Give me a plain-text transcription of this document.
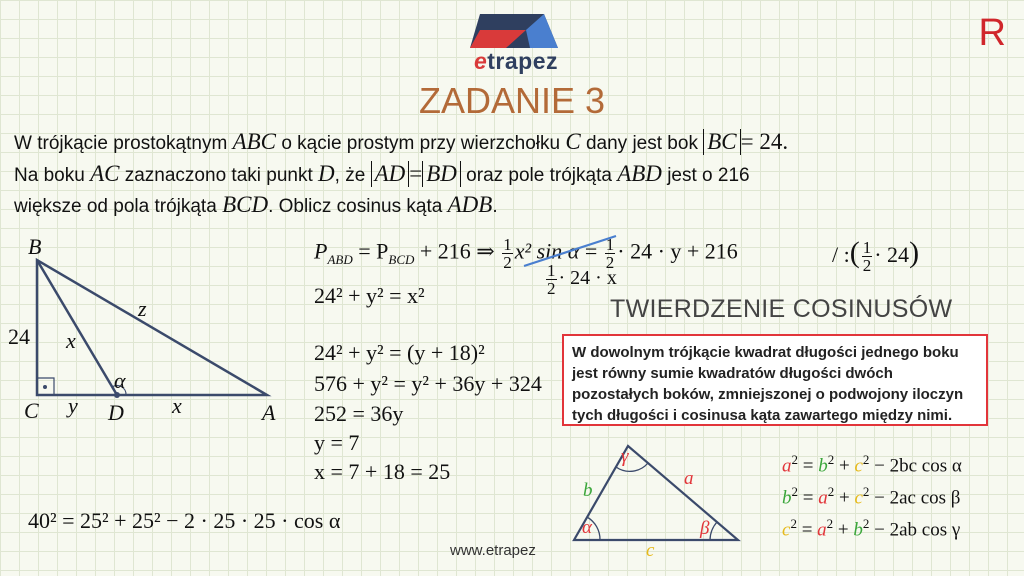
etrapez
R
ZADANIE 3
W trójkącie prostokątnym ABC o kącie prostym przy wierzchołku C dany jest bok BC = 24.
Na boku AC zaznaczono taki punkt D, że AD = BD oraz pole trójkąta ABD jest o 216
większe od pola trójkąta BCD. Oblicz cosinus kąta ADB.
B
C	D	A
24 x
y	x
z
α
$P_{ABD} = P_{BCD} + 216$ ⇒ $\frac{1}{2} x^2$ $\sin \alpha = \frac{1}{2} \cdot 24 \cdot y + 216$
$\frac{1}{2} \cdot 24 \cdot x$
/ :( $\frac{1}{2} \cdot 24$)
24² + y² = x²
24² + y² = (y + 18)²
576 + y² = y² + 36y + 324
252 = 36y
y = 7
x = 7 + 18 = 25
40² = 25² + 25² − 2 · 25 · 25 · cos α
TWIERDZENIE COSINUSÓW
W dowolnym trójkącie kwadrat długości jednego boku jest równy sumie kwadratów długości dwóch pozostałych boków, zmniejszonej o podwojony iloczyn tych długości i cosinusa kąta zawartego między nimi.
a
b
c
α	β
γ	$a^2 = b^2 + c^2 - 2bc$ cos α
$b^2 = a^2 + c^2 - 2ac$ cos β
$c^2 = a^2 + b^2 - 2ab$ cos γ
www.etrapez
